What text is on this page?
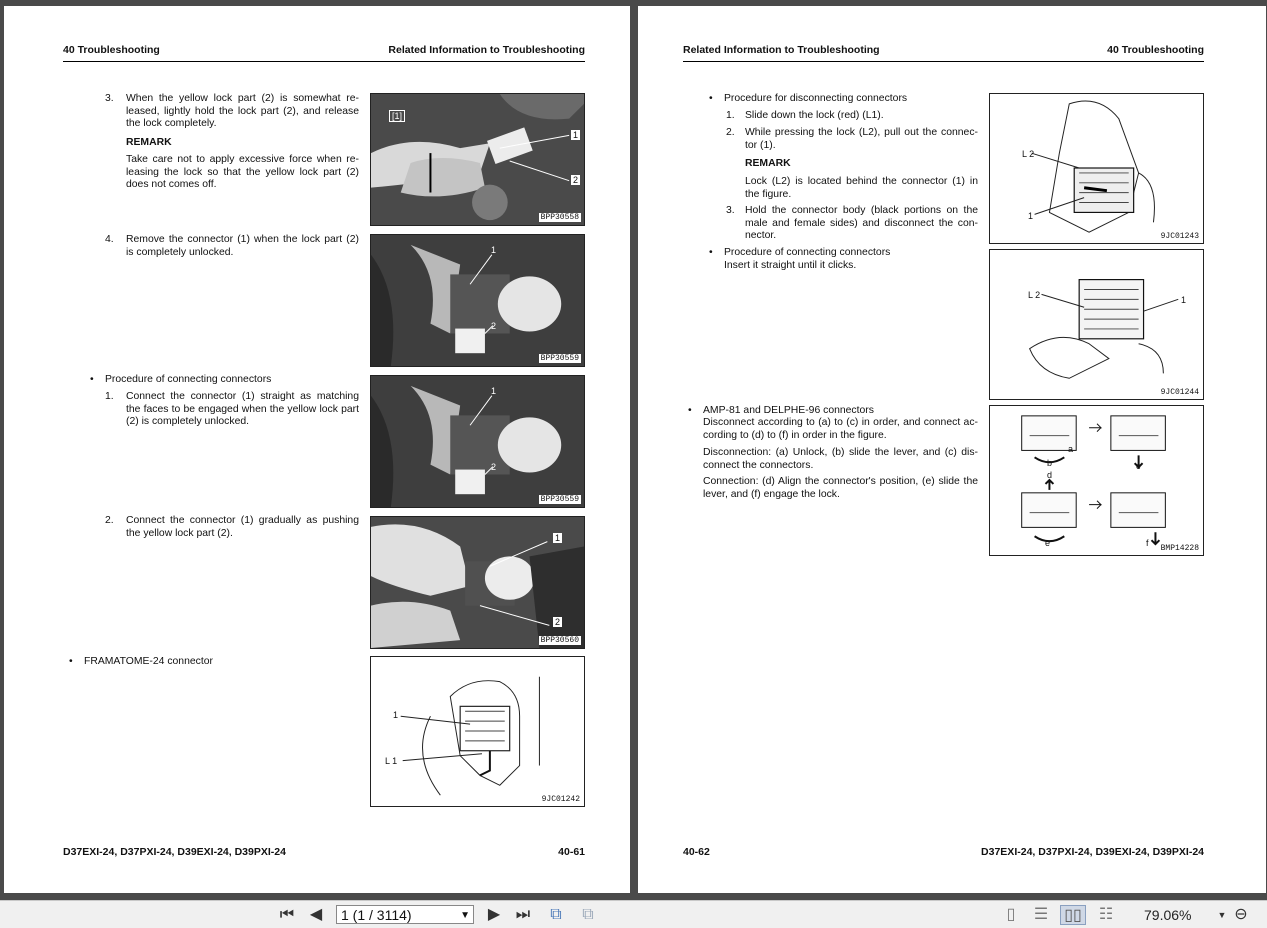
40 Troubleshooting	Related Information to Troubleshooting
3. When the yellow lock part (2) is somewhat re-leased, lightly hold the lock part (2), and release the lock completely.
REMARK
Take care not to apply excessive force when re-leasing the lock so that the yellow lock part (2) does not comes off.
[1]
1
2
BPP30558
4. Remove the connector (1) when the lock part (2) is completely unlocked.	1
2
BPP30559
• Procedure of connecting connectors
1. Connect the connector (1) straight as matching the faces to be engaged when the yellow lock part (2) is completely unlocked.
1
2
BPP30559
2. Connect the connector (1) gradually as pushing the yellow lock part (2).	1
2
BPP30560
• FRAMATOME-24 connector
1
L 1
9JC01242
D37EXI-24, D37PXI-24, D39EXI-24, D39PXI-24	40-61
Related Information to Troubleshooting	40 Troubleshooting
• Procedure for disconnecting connectors
1. Slide down the lock (red) (L1).
2. While pressing the lock (L2), pull out the connec-tor (1).
REMARK
Lock (L2) is located behind the connector (1) in the figure.
3. Hold the connector body (black portions on the male and female sides) and disconnect the con-nector.
• Procedure of connecting connectors
Insert it straight until it clicks.
L 2
1
9JC01243
L 2	1
9JC01244
• AMP-81 and DELPHE-96 connectors
Disconnect according to (a) to (c) in order, and connect ac-cording to (d) to (f) in order in the figure.
Disconnection: (a) Unlock, (b) slide the lever, and (c) dis-connect the connectors.
Connection: (d) Align the connector's position, (e) slide the lever, and (f) engage the lock.
a
b	c
d
e	f
BMP14228
40-62	D37EXI-24, D37PXI-24, D39EXI-24, D39PXI-24
⏮ ◀	1 (1 / 3114)	▼ ▶ ⏭	⧉	⧉	▯	☰ ▯▯	☷	79.06%	▼ ⊖
